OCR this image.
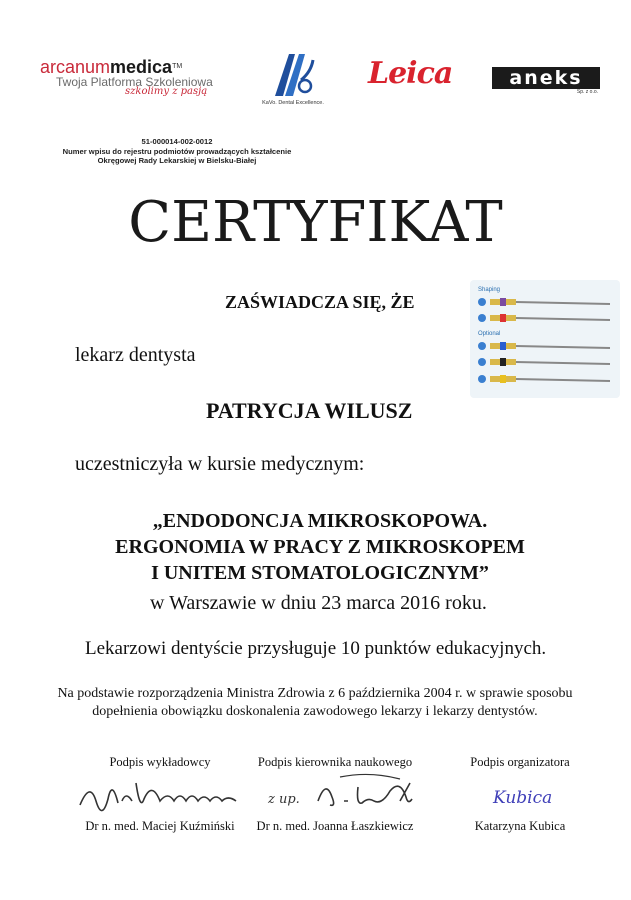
arcanummedica™
Twoja Platforma Szkoleniowa
szkolimy z pasją
KaVo. Dental Excellence.
Leica	aneks
Sp. z o.o.
51-000014-002-0012
Numer wpisu do rejestru podmiotów prowadzących kształcenie
Okręgowej Rady Lekarskiej w Bielsku-Białej
CERTYFIKAT
ZAŚWIADCZA SIĘ, ŻE
lekarz dentysta
PATRYCJA WILUSZ
uczestniczyła w kursie medycznym:
„ENDODONCJA MIKROSKOPOWA.
ERGONOMIA W PRACY Z MIKROSKOPEM
I UNITEM STOMATOLOGICZNYM”
w Warszawie w dniu 23 marca 2016 roku.
Lekarzowi dentyście przysługuje 10 punktów edukacyjnych.
Na podstawie rozporządzenia Ministra Zdrowia z 6 października 2004 r. w sprawie sposobu
dopełnienia obowiązku doskonalenia zawodowego lekarzy i lekarzy dentystów.
Shaping
Optional
Podpis wykładowcy
Dr n. med. Maciej Kuźmiński
Podpis kierownika naukowego
z up.
Dr n. med. Joanna Łaszkiewicz
Podpis organizatora
Kubica
Katarzyna Kubica
